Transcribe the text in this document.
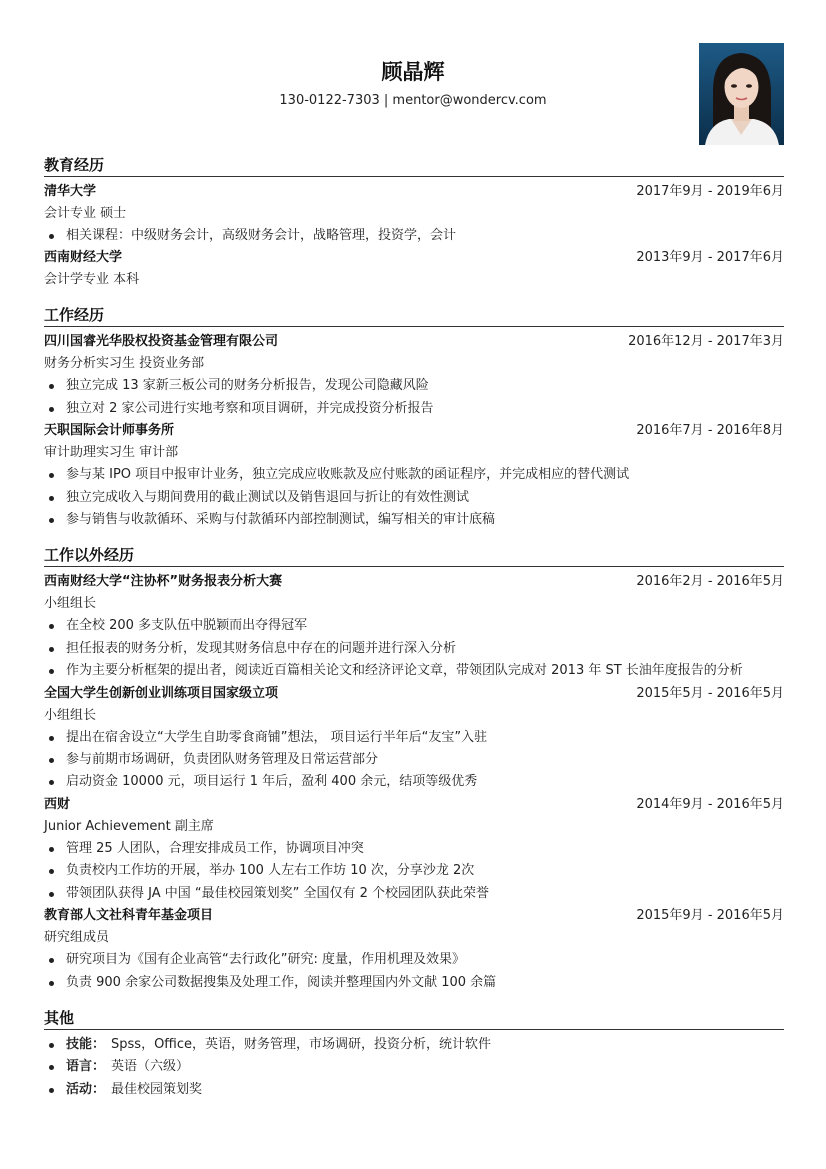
顾晶辉
130-0122-7303 | mentor@wondercv.com
教育经历
清华大学	2017年9月 - 2019年6月
会计专业 硕士
相关课程：中级财务会计，高级财务会计，战略管理，投资学，会计
西南财经大学	2013年9月 - 2017年6月
会计学专业 本科
工作经历
四川国睿光华股权投资基金管理有限公司	2016年12月 - 2017年3月
财务分析实习生 投资业务部
独立完成 13 家新三板公司的财务分析报告，发现公司隐藏风险
独立对 2 家公司进行实地考察和项目调研，并完成投资分析报告
天职国际会计师事务所	2016年7月 - 2016年8月
审计助理实习生 审计部
参与某 IPO 项目中报审计业务，独立完成应收账款及应付账款的函证程序，并完成相应的替代测试
独立完成收入与期间费用的截止测试以及销售退回与折让的有效性测试
参与销售与收款循环、采购与付款循环内部控制测试，编写相关的审计底稿
工作以外经历
西南财经大学“注协杯”财务报表分析大赛	2016年2月 - 2016年5月
小组组长
在全校 200 多支队伍中脱颖而出夺得冠军
担任报表的财务分析，发现其财务信息中存在的问题并进行深入分析
作为主要分析框架的提出者，阅读近百篇相关论文和经济评论文章，带领团队完成对 2013 年 ST 长油年度报告的分析
全国大学生创新创业训练项目国家级立项	2015年5月 - 2016年5月
小组组长
提出在宿舍设立“大学生自助零食商铺”想法， 项目运行半年后“友宝”入驻
参与前期市场调研，负责团队财务管理及日常运营部分
启动资金 10000 元，项目运行 1 年后，盈利 400 余元，结项等级优秀
西财	2014年9月 - 2016年5月
Junior Achievement 副主席
管理 25 人团队，合理安排成员工作，协调项目冲突
负责校内工作坊的开展，举办 100 人左右工作坊 10 次，分享沙龙 2次
带领团队获得 JA 中国 “最佳校园策划奖” 全国仅有 2 个校园团队获此荣誉
教育部人文社科青年基金项目	2015年9月 - 2016年5月
研究组成员
研究项目为《国有企业高管“去行政化”研究: 度量，作用机理及效果》
负责 900 余家公司数据搜集及处理工作，阅读并整理国内外文献 100 余篇
其他
技能： Spss，Office，英语，财务管理，市场调研，投资分析，统计软件
语言： 英语（六级）
活动： 最佳校园策划奖
